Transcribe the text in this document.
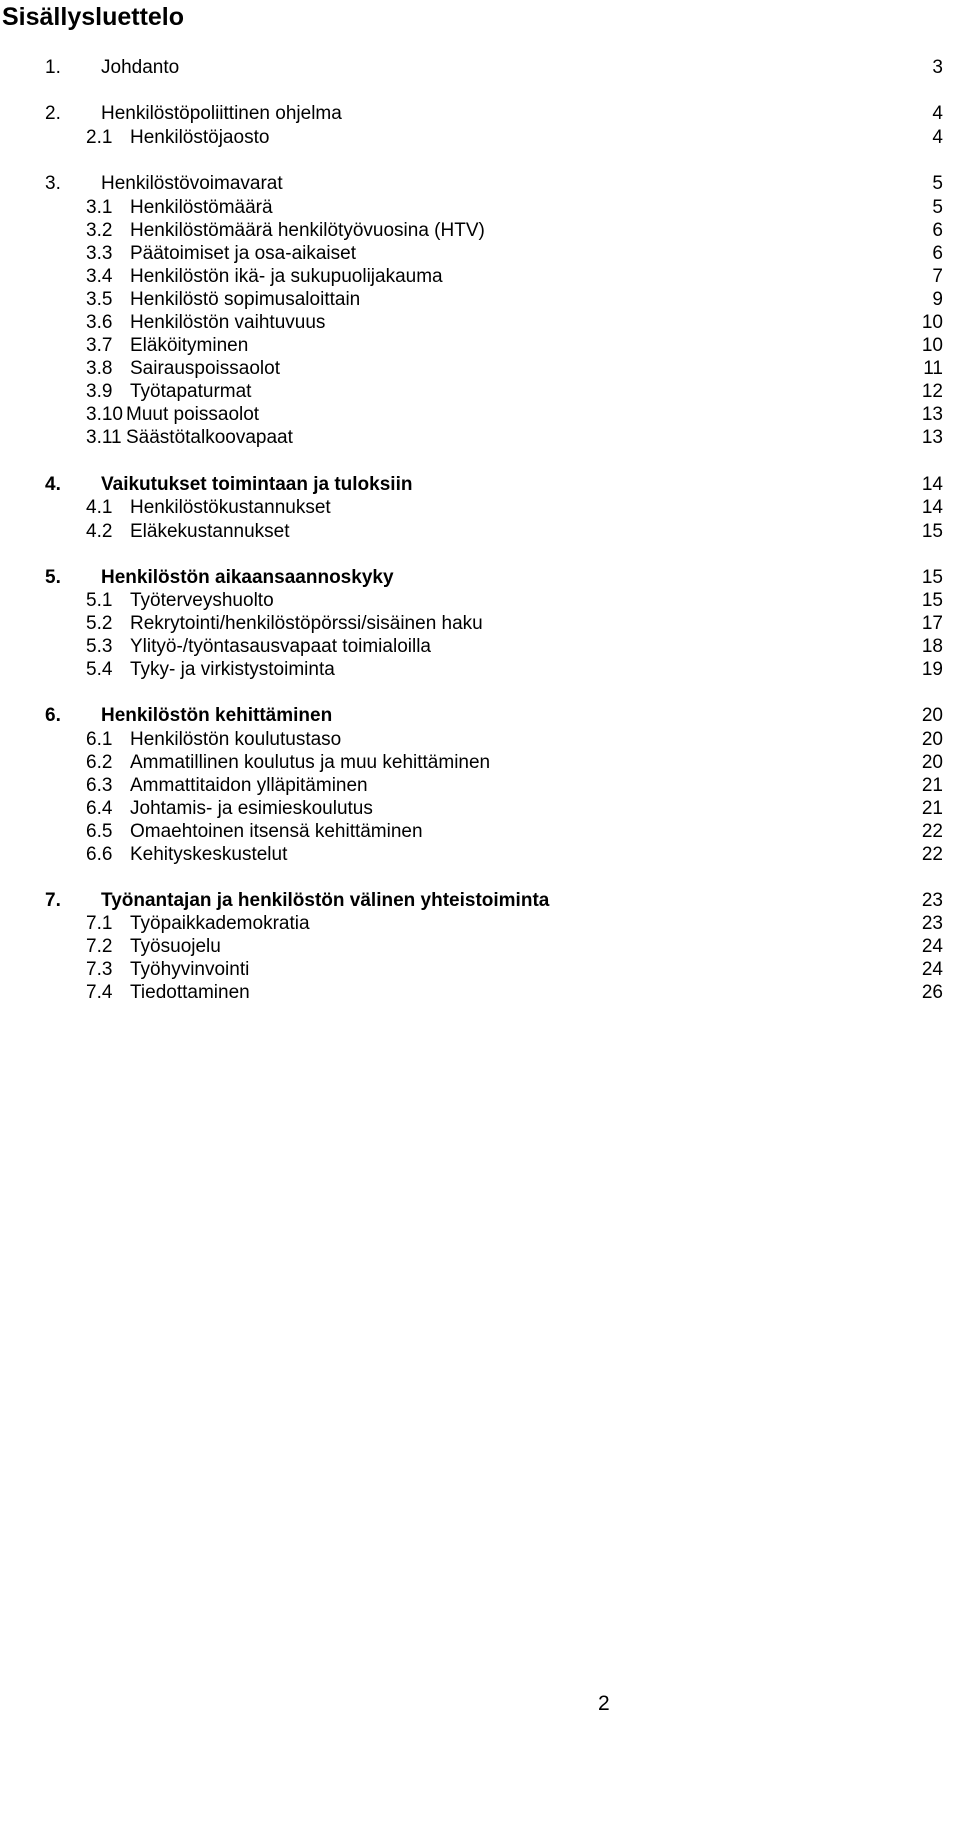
Sisällysluettelo
1. Johdanto	3
2. Henkilöstöpoliittinen ohjelma	4
2.1 Henkilöstöjaosto	4
3. Henkilöstövoimavarat	5
3.1 Henkilöstömäärä	5
3.2 Henkilöstömäärä henkilötyövuosina (HTV)	6
3.3 Päätoimiset ja osa-aikaiset	6
3.4 Henkilöstön ikä- ja sukupuolijakauma	7
3.5 Henkilöstö sopimusaloittain	9
3.6 Henkilöstön vaihtuvuus	10
3.7 Eläköityminen	10
3.8 Sairauspoissaolot	11
3.9 Työtapaturmat	12
3.10 Muut poissaolot	13
3.11 Säästötalkoovapaat	13
4. Vaikutukset toimintaan ja tuloksiin	14
4.1 Henkilöstökustannukset	14
4.2 Eläkekustannukset	15
5. Henkilöstön aikaansaannoskyky	15
5.1 Työterveyshuolto	15
5.2 Rekrytointi/henkilöstöpörssi/sisäinen haku	17
5.3 Ylityö-/työntasausvapaat toimialoilla	18
5.4 Tyky- ja virkistystoiminta	19
6. Henkilöstön kehittäminen	20
6.1 Henkilöstön koulutustaso	20
6.2 Ammatillinen koulutus ja muu kehittäminen	20
6.3 Ammattitaidon ylläpitäminen	21
6.4 Johtamis- ja esimieskoulutus	21
6.5 Omaehtoinen itsensä kehittäminen	22
6.6 Kehityskeskustelut	22
7. Työnantajan ja henkilöstön välinen yhteistoiminta	23
7.1 Työpaikkademokratia	23
7.2 Työsuojelu	24
7.3 Työhyvinvointi	24
7.4 Tiedottaminen	26
2
